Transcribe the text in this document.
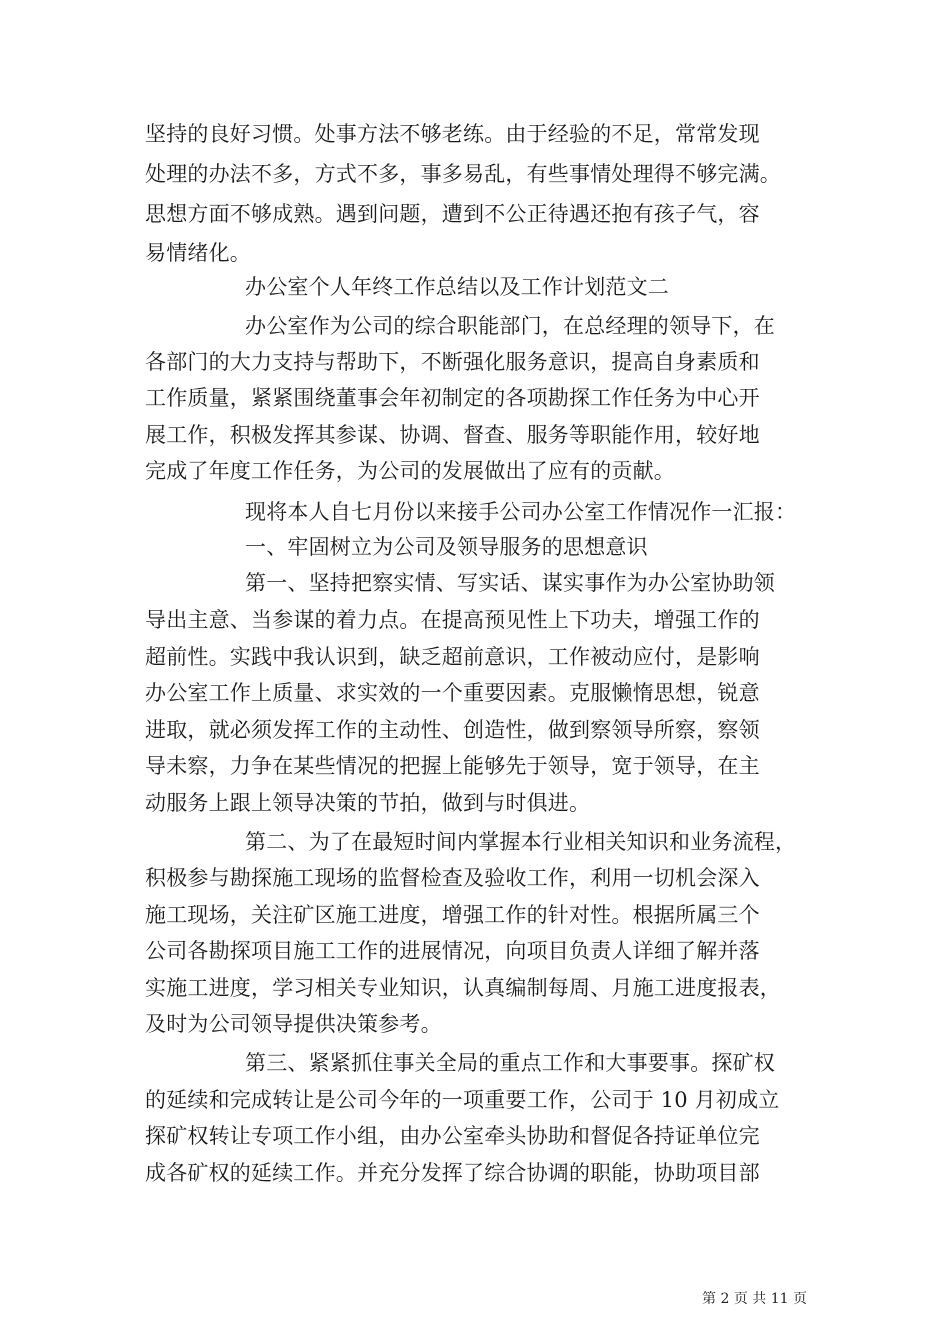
坚持的良好习惯。处事方法不够老练。由于经验的不足，常常发现
处理的办法不多，方式不多，事多易乱，有些事情处理得不够完满。
思想方面不够成熟。遇到问题，遭到不公正待遇还抱有孩子气，容
易情绪化。
办公室个人年终工作总结以及工作计划范文二
办公室作为公司的综合职能部门，在总经理的领导下，在
各部门的大力支持与帮助下，不断强化服务意识，提高自身素质和
工作质量，紧紧围绕董事会年初制定的各项勘探工作任务为中心开
展工作，积极发挥其参谋、协调、督查、服务等职能作用，较好地
完成了年度工作任务，为公司的发展做出了应有的贡献。
现将本人自七月份以来接手公司办公室工作情况作一汇报：
一、牢固树立为公司及领导服务的思想意识
第一、坚持把察实情、写实话、谋实事作为办公室协助领
导出主意、当参谋的着力点。在提高预见性上下功夫，增强工作的
超前性。实践中我认识到，缺乏超前意识，工作被动应付，是影响
办公室工作上质量、求实效的一个重要因素。克服懒惰思想，锐意
进取，就必须发挥工作的主动性、创造性，做到察领导所察，察领
导未察，力争在某些情况的把握上能够先于领导，宽于领导，在主
动服务上跟上领导决策的节拍，做到与时俱进。
第二、为了在最短时间内掌握本行业相关知识和业务流程，
积极参与勘探施工现场的监督检查及验收工作，利用一切机会深入
施工现场，关注矿区施工进度，增强工作的针对性。根据所属三个
公司各勘探项目施工工作的进展情况，向项目负责人详细了解并落
实施工进度，学习相关专业知识，认真编制每周、月施工进度报表，
及时为公司领导提供决策参考。
第三、紧紧抓住事关全局的重点工作和大事要事。探矿权
的延续和完成转让是公司今年的一项重要工作，公司于 10 月初成立
探矿权转让专项工作小组，由办公室牵头协助和督促各持证单位完
成各矿权的延续工作。并充分发挥了综合协调的职能，协助项目部
第 2 页 共 11 页
